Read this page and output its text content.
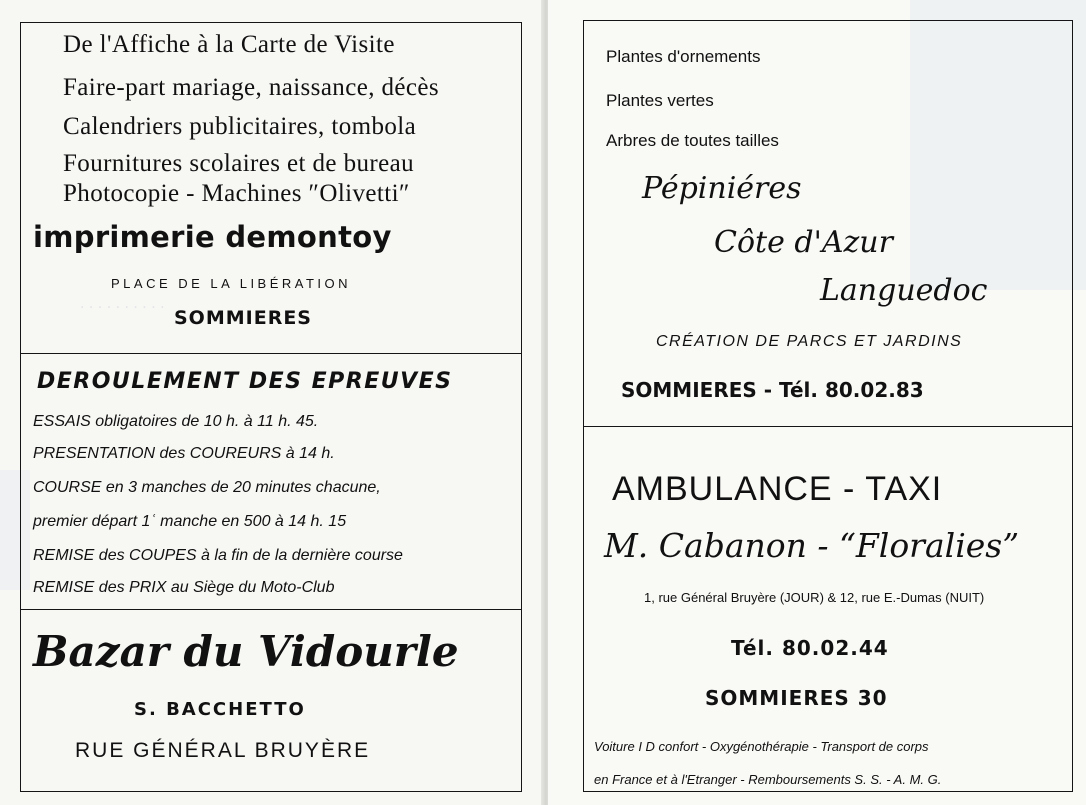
· · · · · · · · · ·
De l'Affiche à la Carte de Visite
Faire-part mariage, naissance, décès
Calendriers publicitaires, tombola
Fournitures scolaires et de bureau
Photocopie - Machines ″Olivetti″
imprimerie demontoy
PLACE DE LA LIBÉRATION
SOMMIERES
DEROULEMENT DES EPREUVES
ESSAIS obligatoires de 10 h. à 11 h. 45.
PRESENTATION des COUREURS à 14 h.
COURSE en 3 manches de 20 minutes chacune,
premier départ 1ʿ manche en 500 à 14 h. 15
REMISE des COUPES à la fin de la dernière course
REMISE des PRIX au Siège du Moto-Club
Bazar du Vidourle
S. BACCHETTO
RUE GÉNÉRAL BRUYÈRE
Plantes d'ornements
Plantes vertes
Arbres de toutes tailles
Pépiniéres
Côte d'Azur
Languedoc
CRÉATION DE PARCS ET JARDINS
SOMMIERES - Tél. 80.02.83
AMBULANCE - TAXI
M. Cabanon - “Floralies”
1, rue Général Bruyère (JOUR) & 12, rue E.-Dumas (NUIT)
Tél. 80.02.44
SOMMIERES 30
Voiture I D confort - Oxygénothérapie - Transport de corps
en France et à l'Etranger - Remboursements S. S. - A. M. G.
